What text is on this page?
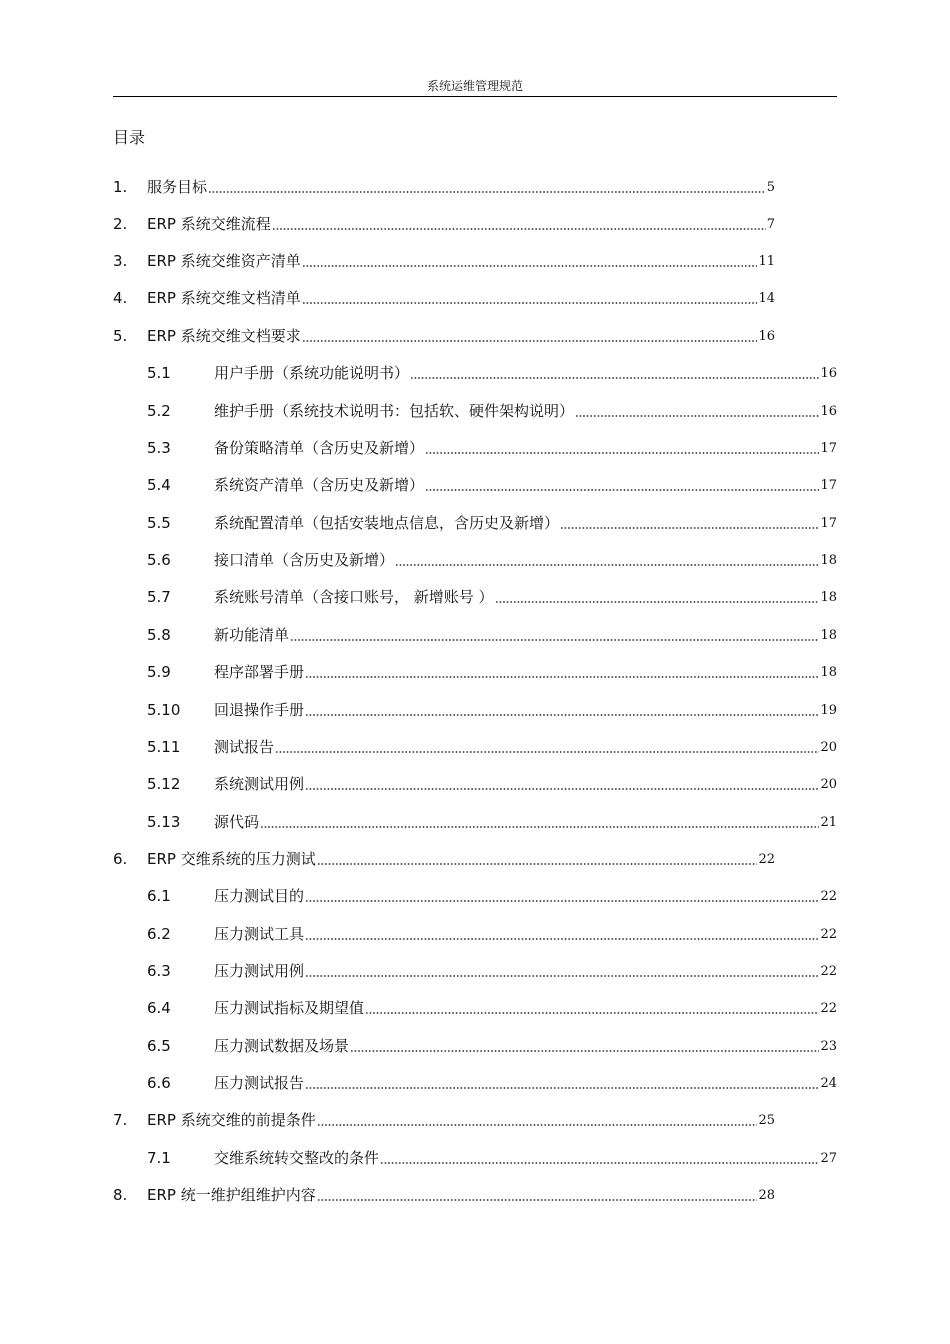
系统运维管理规范
目录
1.	服务目标	5
2.	ERP 系统交维流程	7
3.	ERP 系统交维资产清单	11
4.	ERP 系统交维文档清单	14
5.	ERP 系统交维文档要求	16
5.1	用户手册（系统功能说明书）	16
5.2	维护手册（系统技术说明书：包括软、硬件架构说明）	16
5.3	备份策略清单（含历史及新增）	17
5.4	系统资产清单（含历史及新增）	17
5.5	系统配置清单（包括安装地点信息，含历史及新增）	17
5.6	接口清单（含历史及新增）	18
5.7	系统账号清单（含接口账号， 新增账号 ）	18
5.8	新功能清单	18
5.9	程序部署手册	18
5.10	回退操作手册	19
5.11	测试报告	20
5.12	系统测试用例	20
5.13	源代码	21
6.	ERP 交维系统的压力测试	22
6.1	压力测试目的	22
6.2	压力测试工具	22
6.3	压力测试用例	22
6.4	压力测试指标及期望值	22
6.5	压力测试数据及场景	23
6.6	压力测试报告	24
7.	ERP 系统交维的前提条件	25
7.1	交维系统转交整改的条件	27
8.	ERP 统一维护组维护内容	28
